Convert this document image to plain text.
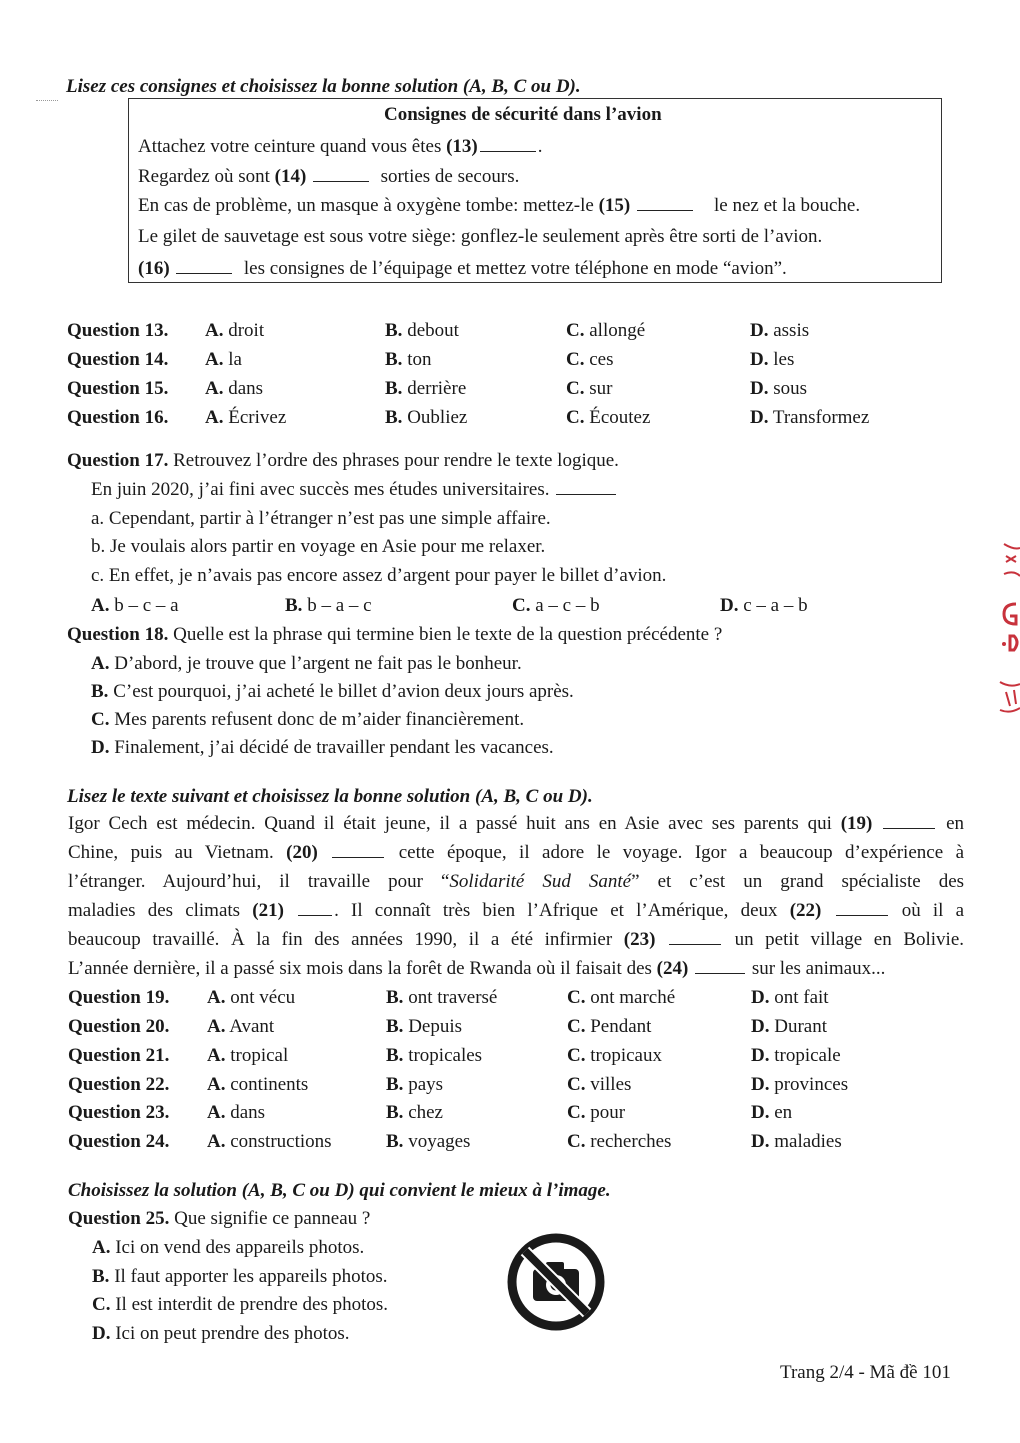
Lisez ces consignes et choisissez la bonne solution (A, B, C ou D).
Consignes de sécurité dans l’avion
Attachez votre ceinture quand vous êtes (13)	.
Regardez où sont (14)	sorties de secours.
En cas de problème, un masque à oxygène tombe: mettez-le (15)	le nez et la bouche.
Le gilet de sauvetage est sous votre siège: gonflez-le seulement après être sorti de l’avion.
(16)	les consignes de l’équipage et mettez votre téléphone en mode “avion”.
Question 13. A. droit	B. debout	C. allongé	D. assis
Question 14. A. la	B. ton	C. ces	D. les
Question 15. A. dans	B. derrière	C. sur	D. sous
Question 16. A. Écrivez	B. Oubliez	C. Écoutez	D. Transformez
Question 17. Retrouvez l’ordre des phrases pour rendre le texte logique.
En juin 2020, j’ai fini avec succès mes études universitaires.
a. Cependant, partir à l’étranger n’est pas une simple affaire.
b. Je voulais alors partir en voyage en Asie pour me relaxer.
c. En effet, je n’avais pas encore assez d’argent pour payer le billet d’avion.
A. b – c – a	B. b – a – c	C. a – c – b	D. c – a – b
Question 18. Quelle est la phrase qui termine bien le texte de la question précédente ?
A. D’abord, je trouve que l’argent ne fait pas le bonheur.
B. C’est pourquoi, j’ai acheté le billet d’avion deux jours après.
C. Mes parents refusent donc de m’aider financièrement.
D. Finalement, j’ai décidé de travailler pendant les vacances.
Lisez le texte suivant et choisissez la bonne solution (A, B, C ou D).
Igor Cech est médecin. Quand il était jeune, il a passé huit ans en Asie avec ses parents qui (19)	en
Chine, puis au Vietnam. (20)	cette époque, il adore le voyage. Igor a beaucoup d’expérience à
l’étranger. Aujourd’hui, il travaille pour “Solidarité Sud Santé” et c’est un grand spécialiste des
maladies des climats (21)	. Il connaît très bien l’Afrique et l’Amérique, deux (22)	où il a
beaucoup travaillé. À la fin des années 1990, il a été infirmier (23)	un petit village en Bolivie.
L’année dernière, il a passé six mois dans la forêt de Rwanda où il faisait des (24)	sur les animaux...
Question 19. A. ont vécu	B. ont traversé	C. ont marché	D. ont fait
Question 20. A. Avant	B. Depuis	C. Pendant	D. Durant
Question 21. A. tropical	B. tropicales	C. tropicaux	D. tropicale
Question 22. A. continents	B. pays	C. villes	D. provinces
Question 23. A. dans	B. chez	C. pour	D. en
Question 24. A. constructions	B. voyages	C. recherches	D. maladies
Choisissez la solution (A, B, C ou D) qui convient le mieux à l’image.
Question 25. Que signifie ce panneau ?
A. Ici on vend des appareils photos.
B. Il faut apporter les appareils photos.
C. Il est interdit de prendre des photos.
D. Ici on peut prendre des photos.
Trang 2/4 - Mã đề 101
